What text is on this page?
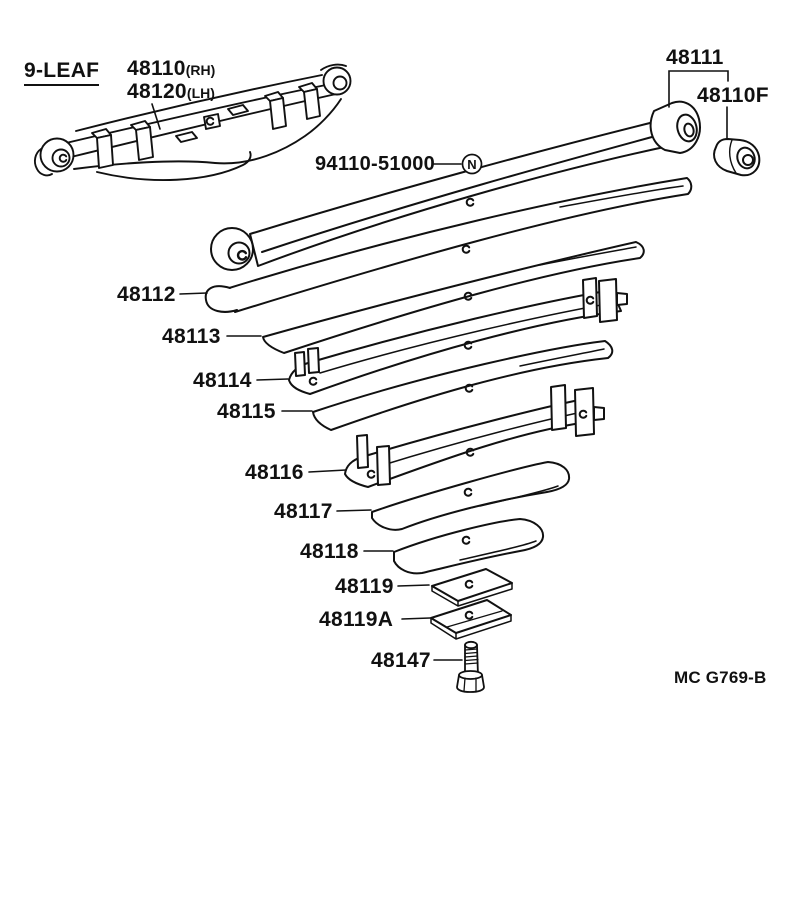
9-LEAF 48110(RH)
48120(LH)
48111
48110F
94110-51000	N
48112
48113
48114
48115
48116
48117
48118
48119
48119A
48147
MC G769-B
